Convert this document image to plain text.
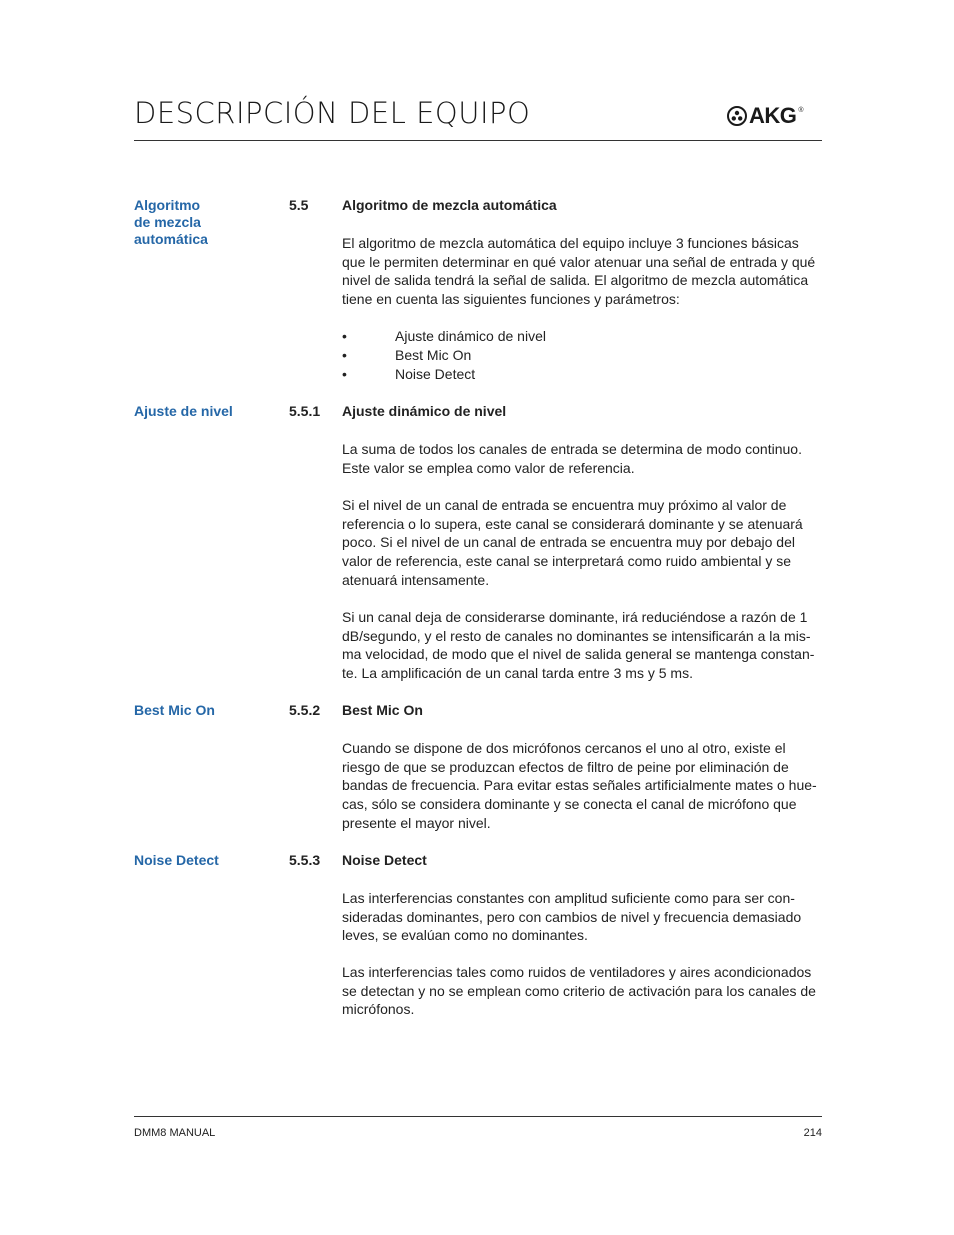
DESCRIPCIÓN DEL EQUIPO	AKG ®
Algoritmo
de mezcla
automática
5.5 Algoritmo de mezcla automática
El algoritmo de mezcla automática del equipo incluye 3 funciones básicas
que le permiten determinar en qué valor atenuar una señal de entrada y qué
nivel de salida tendrá la señal de salida. El algoritmo de mezcla automática
tiene en cuenta las siguientes funciones y parámetros:
•	Ajuste dinámico de nivel
•	Best Mic On
•	Noise Detect
Ajuste de nivel	5.5.1 Ajuste dinámico de nivel
La suma de todos los canales de entrada se determina de modo continuo.
Este valor se emplea como valor de referencia.
Si el nivel de un canal de entrada se encuentra muy próximo al valor de
referencia o lo supera, este canal se considerará dominante y se atenuará
poco. Si el nivel de un canal de entrada se encuentra muy por debajo del
valor de referencia, este canal se interpretará como ruido ambiental y se
atenuará intensamente.
Si un canal deja de considerarse dominante, irá reduciéndose a razón de 1
dB/segundo, y el resto de canales no dominantes se intensificarán a la mis-
ma velocidad, de modo que el nivel de salida general se mantenga constan-
te. La amplificación de un canal tarda entre 3 ms y 5 ms.
Best Mic On	5.5.2 Best Mic On
Cuando se dispone de dos micrófonos cercanos el uno al otro, existe el
riesgo de que se produzcan efectos de filtro de peine por eliminación de
bandas de frecuencia. Para evitar estas señales artificialmente mates o hue-
cas, sólo se considera dominante y se conecta el canal de micrófono que
presente el mayor nivel.
Noise Detect	5.5.3 Noise Detect
Las interferencias constantes con amplitud suficiente como para ser con-
sideradas dominantes, pero con cambios de nivel y frecuencia demasiado
leves, se evalúan como no dominantes.
Las interferencias tales como ruidos de ventiladores y aires acondicionados
se detectan y no se emplean como criterio de activación para los canales de
micrófonos.
DMM8 MANUAL	214
